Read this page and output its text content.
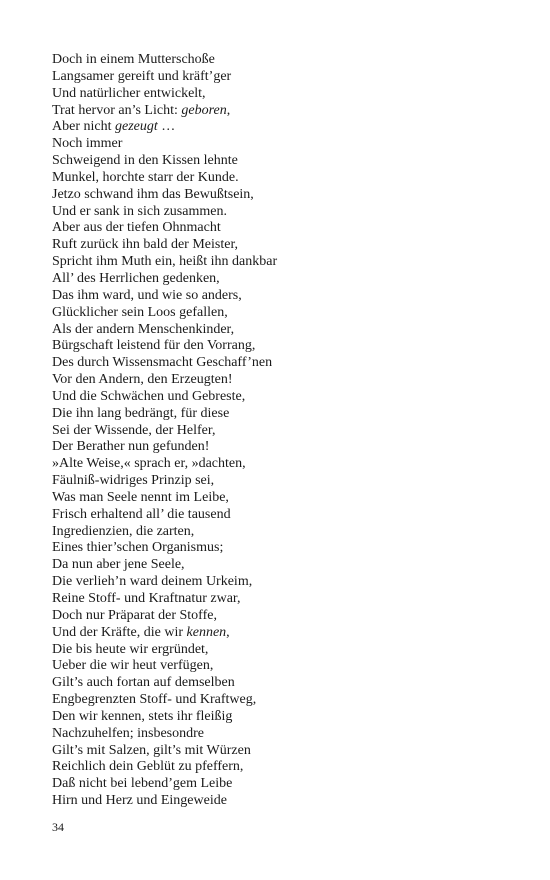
Doch in einem Mutterschoße
Langsamer gereift und kräft’ger
Und natürlicher entwickelt,
Trat hervor an’s Licht: geboren,
Aber nicht gezeugt …
Noch immer
Schweigend in den Kissen lehnte
Munkel, horchte starr der Kunde.
Jetzo schwand ihm das Bewußtsein,
Und er sank in sich zusammen.
Aber aus der tiefen Ohnmacht
Ruft zurück ihn bald der Meister,
Spricht ihm Muth ein, heißt ihn dankbar
All’ des Herrlichen gedenken,
Das ihm ward, und wie so anders,
Glücklicher sein Loos gefallen,
Als der andern Menschenkinder,
Bürgschaft leistend für den Vorrang,
Des durch Wissensmacht Geschaff’nen
Vor den Andern, den Erzeugten!
Und die Schwächen und Gebreste,
Die ihn lang bedrängt, für diese
Sei der Wissende, der Helfer,
Der Berather nun gefunden!
»Alte Weise,« sprach er, »dachten,
Fäulniß-widriges Prinzip sei,
Was man Seele nennt im Leibe,
Frisch erhaltend all’ die tausend
Ingredienzien, die zarten,
Eines thier’schen Organismus;
Da nun aber jene Seele,
Die verlieh’n ward deinem Urkeim,
Reine Stoff- und Kraftnatur zwar,
Doch nur Präparat der Stoffe,
Und der Kräfte, die wir kennen,
Die bis heute wir ergründet,
Ueber die wir heut verfügen,
Gilt’s auch fortan auf demselben
Engbegrenzten Stoff- und Kraftweg,
Den wir kennen, stets ihr fleißig
Nachzuhelfen; insbesondre
Gilt’s mit Salzen, gilt’s mit Würzen
Reichlich dein Geblüt zu pfeffern,
Daß nicht bei lebend’gem Leibe
Hirn und Herz und Eingeweide
34
